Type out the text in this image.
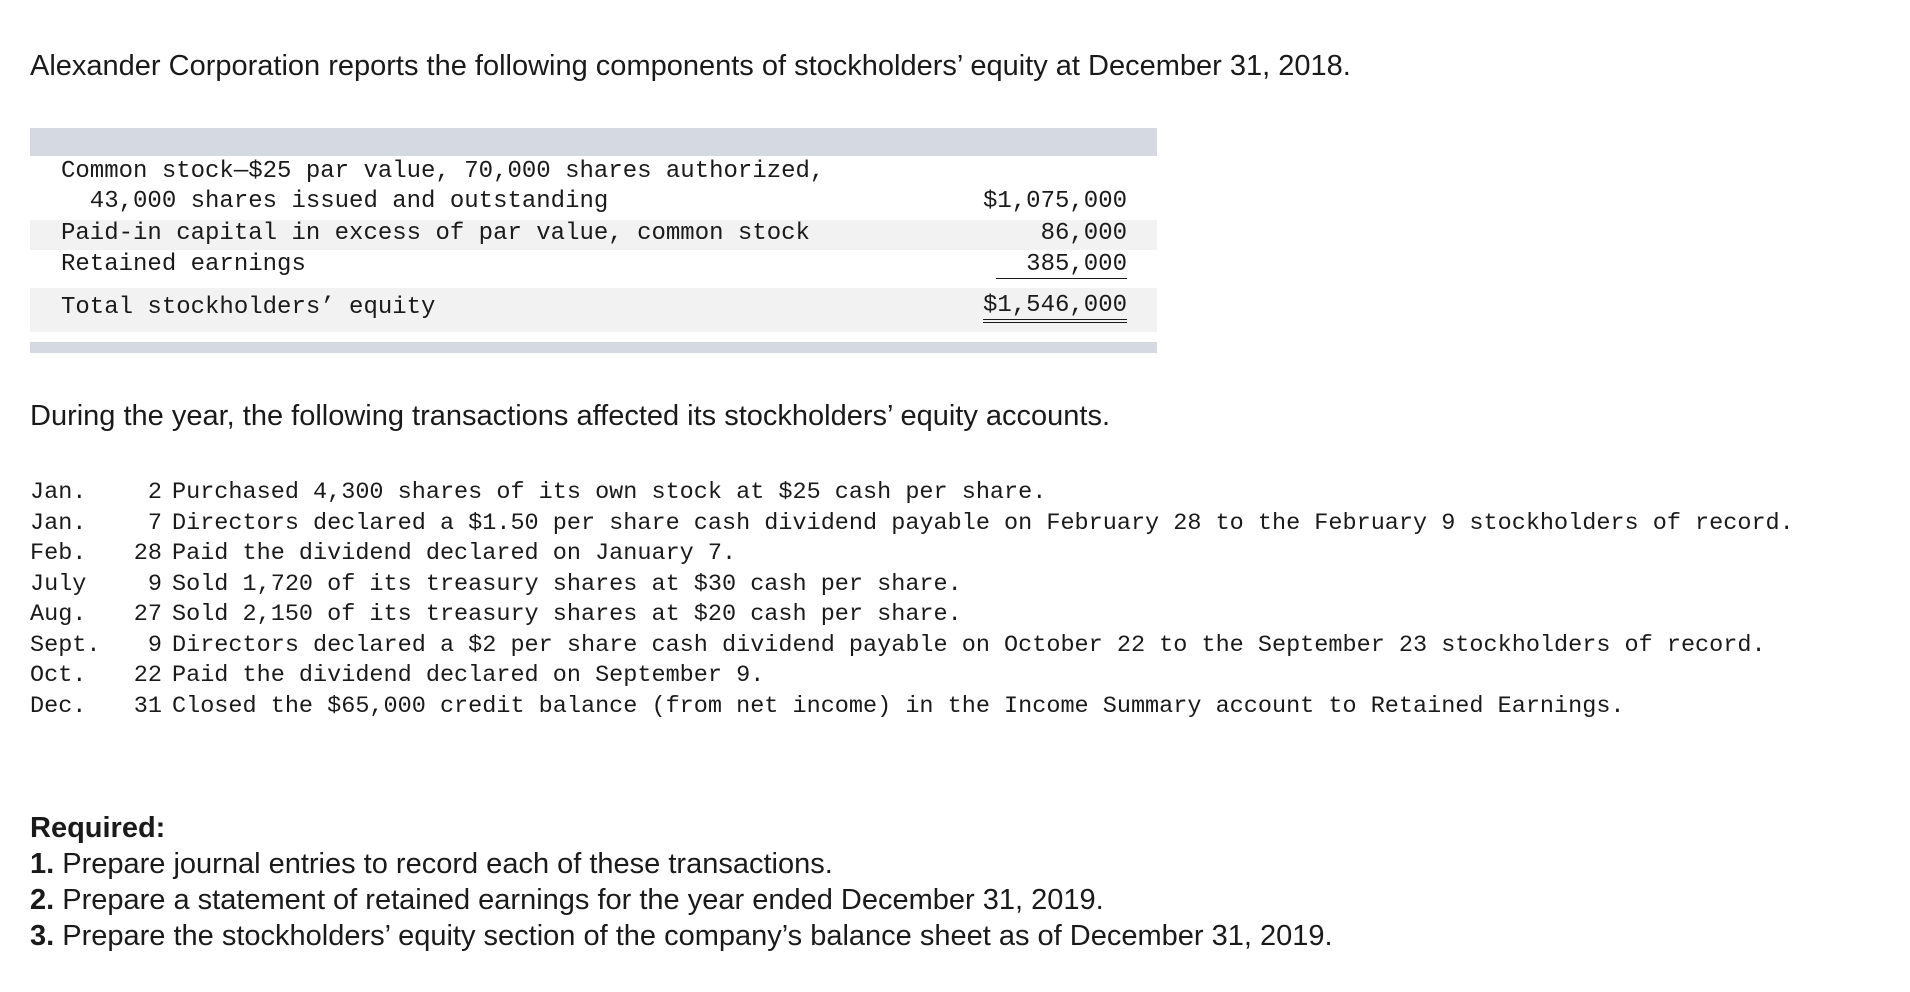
Alexander Corporation reports the following components of stockholders’ equity at December 31, 2018.

Common stock—$25 par value, 70,000 shares authorized,
43,000 shares issued and outstanding	$1,075,000
Paid-in capital in excess of par value, common stock	86,000
Retained earnings	385,000
Total stockholders’ equity	$1,546,000

During the year, the following transactions affected its stockholders’ equity accounts.

Jan.	2 Purchased 4,300 shares of its own stock at $25 cash per share.
Jan.	7 Directors declared a $1.50 per share cash dividend payable on February 28 to the February 9 stockholders of record.
Feb.	28 Paid the dividend declared on January 7.
July	9 Sold 1,720 of its treasury shares at $30 cash per share.
Aug.	27 Sold 2,150 of its treasury shares at $20 cash per share.
Sept.	9 Directors declared a $2 per share cash dividend payable on October 22 to the September 23 stockholders of record.
Oct.	22 Paid the dividend declared on September 9.
Dec.	31 Closed the $65,000 credit balance (from net income) in the Income Summary account to Retained Earnings.
Required:
1. Prepare journal entries to record each of these transactions.
2. Prepare a statement of retained earnings for the year ended December 31, 2019.
3. Prepare the stockholders’ equity section of the company’s balance sheet as of December 31, 2019.
